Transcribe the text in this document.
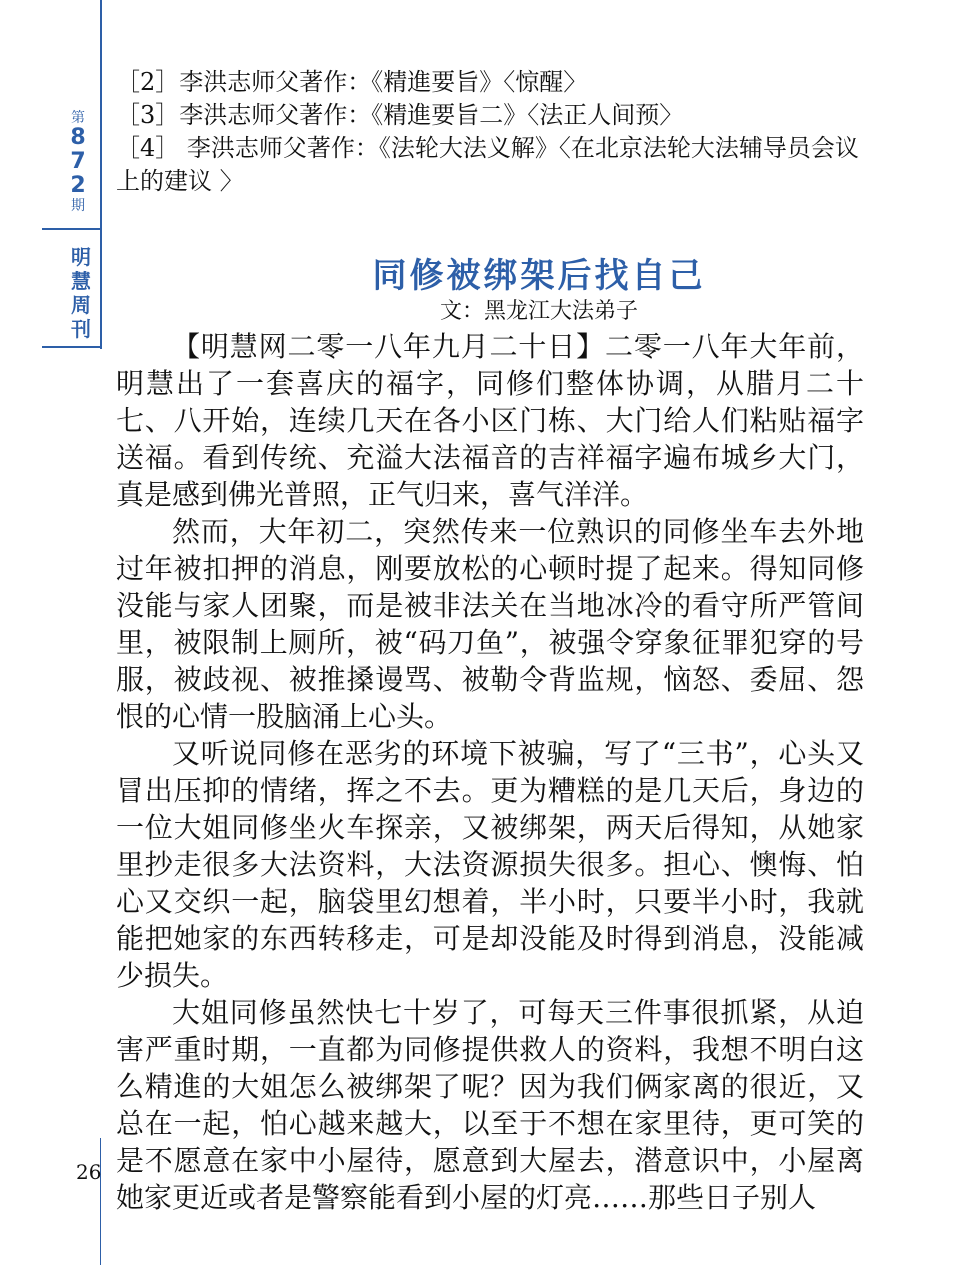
第
8
7
2
期
明
慧
周
刊
［2］李洪志师父著作：《精進要旨》〈惊醒〉
［3］李洪志师父著作：《精進要旨二》〈法正人间预〉
［4］ 李洪志师父著作：《法轮大法义解》〈在北京法轮大法辅导员会议上的建议 〉
同修被绑架后找自己
文：黑龙江大法弟子

【明慧网二零一八年九月二十日】二零一八年大年前，明慧出了一套喜庆的福字，同修们整体协调，从腊月二十七、八开始，连续几天在各小区门栋、大门给人们粘贴福字送福。看到传统、充溢大法福音的吉祥福字遍布城乡大门，真是感到佛光普照，正气归来，喜气洋洋。

然而，大年初二，突然传来一位熟识的同修坐车去外地过年被扣押的消息，刚要放松的心顿时提了起来。得知同修没能与家人团聚，而是被非法关在当地冰冷的看守所严管间里，被限制上厕所，被“码刀鱼”，被强令穿象征罪犯穿的号服，被歧视、被推搡谩骂、被勒令背监规，恼怒、委屈、怨恨的心情一股脑涌上心头。

又听说同修在恶劣的环境下被骗，写了“三书”，心头又冒出压抑的情绪，挥之不去。更为糟糕的是几天后，身边的一位大姐同修坐火车探亲，又被绑架，两天后得知，从她家里抄走很多大法资料，大法资源损失很多。担心、懊悔、怕心又交织一起，脑袋里幻想着，半小时，只要半小时，我就能把她家的东西转移走，可是却没能及时得到消息，没能减少损失。

大姐同修虽然快七十岁了，可每天三件事很抓紧，从迫害严重时期，一直都为同修提供救人的资料，我想不明白这么精進的大姐怎么被绑架了呢？因为我们俩家离的很近，又总在一起，怕心越来越大，以至于不想在家里待，更可笑的是不愿意在家中小屋待，愿意到大屋去，潜意识中，小屋离她家更近或者是警察能看到小屋的灯亮……那些日子别人

26
